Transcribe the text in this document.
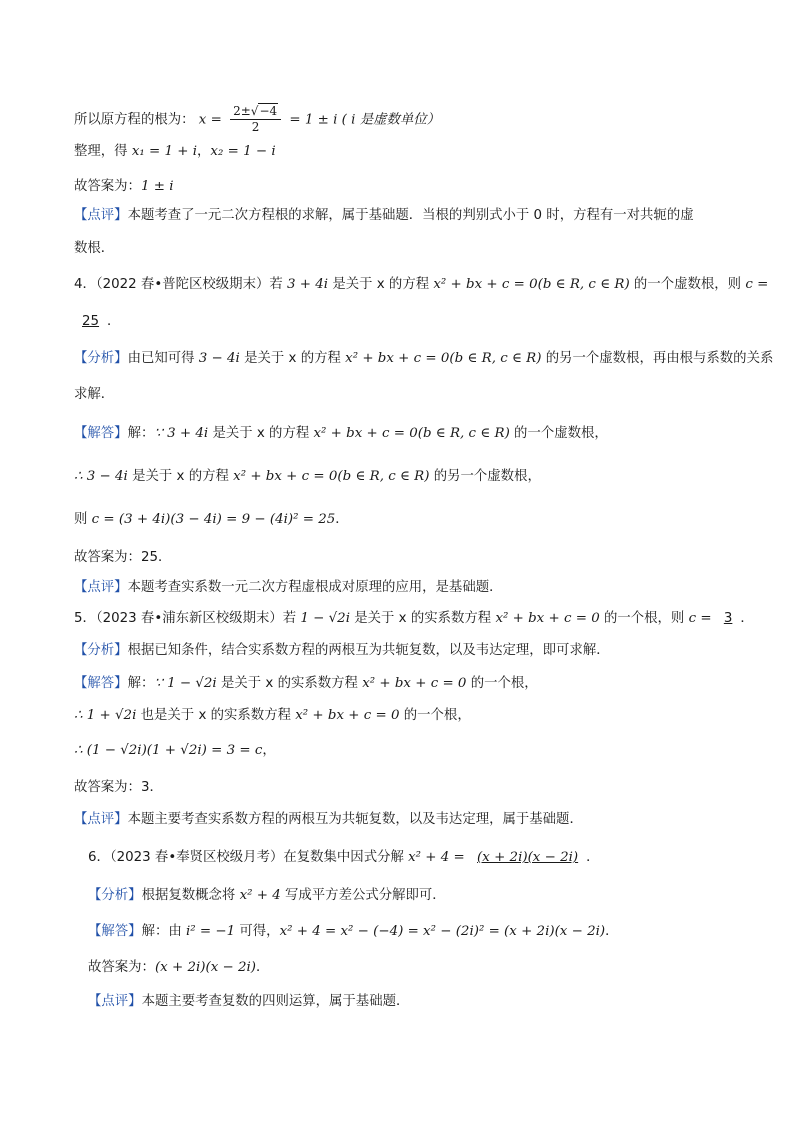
所以原方程的根为： $x = \frac{2\pm√-4}{2} = 1 \pm i$ ( i 是虚数单位）
整理，得 x₁ = 1 + i，x₂ = 1 − i
故答案为：1 ± i
【点评】本题考查了一元二次方程根的求解，属于基础题．当根的判别式小于 0 时，方程有一对共轭的虚
数根．
4．（2022 春•普陀区校级期末）若 3 + 4i 是关于 x 的方程 x² + bx + c = 0(b ∈ R, c ∈ R) 的一个虚数根，则 c =
25 ．
【分析】由已知可得 3 − 4i 是关于 x 的方程 x² + bx + c = 0(b ∈ R, c ∈ R) 的另一个虚数根，再由根与系数的关系
求解．
【解答】解：∵ 3 + 4i 是关于 x 的方程 x² + bx + c = 0(b ∈ R, c ∈ R) 的一个虚数根，
∴ 3 − 4i 是关于 x 的方程 x² + bx + c = 0(b ∈ R, c ∈ R) 的另一个虚数根，
则 c = (3 + 4i)(3 − 4i) = 9 − (4i)² = 25．
故答案为：25．
【点评】本题考查实系数一元二次方程虚根成对原理的应用，是基础题．
5．（2023 春•浦东新区校级期末）若 1 − √2i 是关于 x 的实系数方程 x² + bx + c = 0 的一个根，则 c = 3 ．
【分析】根据已知条件，结合实系数方程的两根互为共轭复数，以及韦达定理，即可求解．
【解答】解：∵ 1 − √2i 是关于 x 的实系数方程 x² + bx + c = 0 的一个根，
∴ 1 + √2i 也是关于 x 的实系数方程 x² + bx + c = 0 的一个根，
∴ (1 − √2i)(1 + √2i) = 3 = c，
故答案为：3．
【点评】本题主要考查实系数方程的两根互为共轭复数，以及韦达定理，属于基础题．
6．（2023 春•奉贤区校级月考）在复数集中因式分解 x² + 4 = (x + 2i)(x − 2i) ．
【分析】根据复数概念将 x² + 4 写成平方差公式分解即可．
【解答】解：由 i² = −1 可得，x² + 4 = x² − (−4) = x² − (2i)² = (x + 2i)(x − 2i)．
故答案为：(x + 2i)(x − 2i)．
【点评】本题主要考查复数的四则运算，属于基础题．
